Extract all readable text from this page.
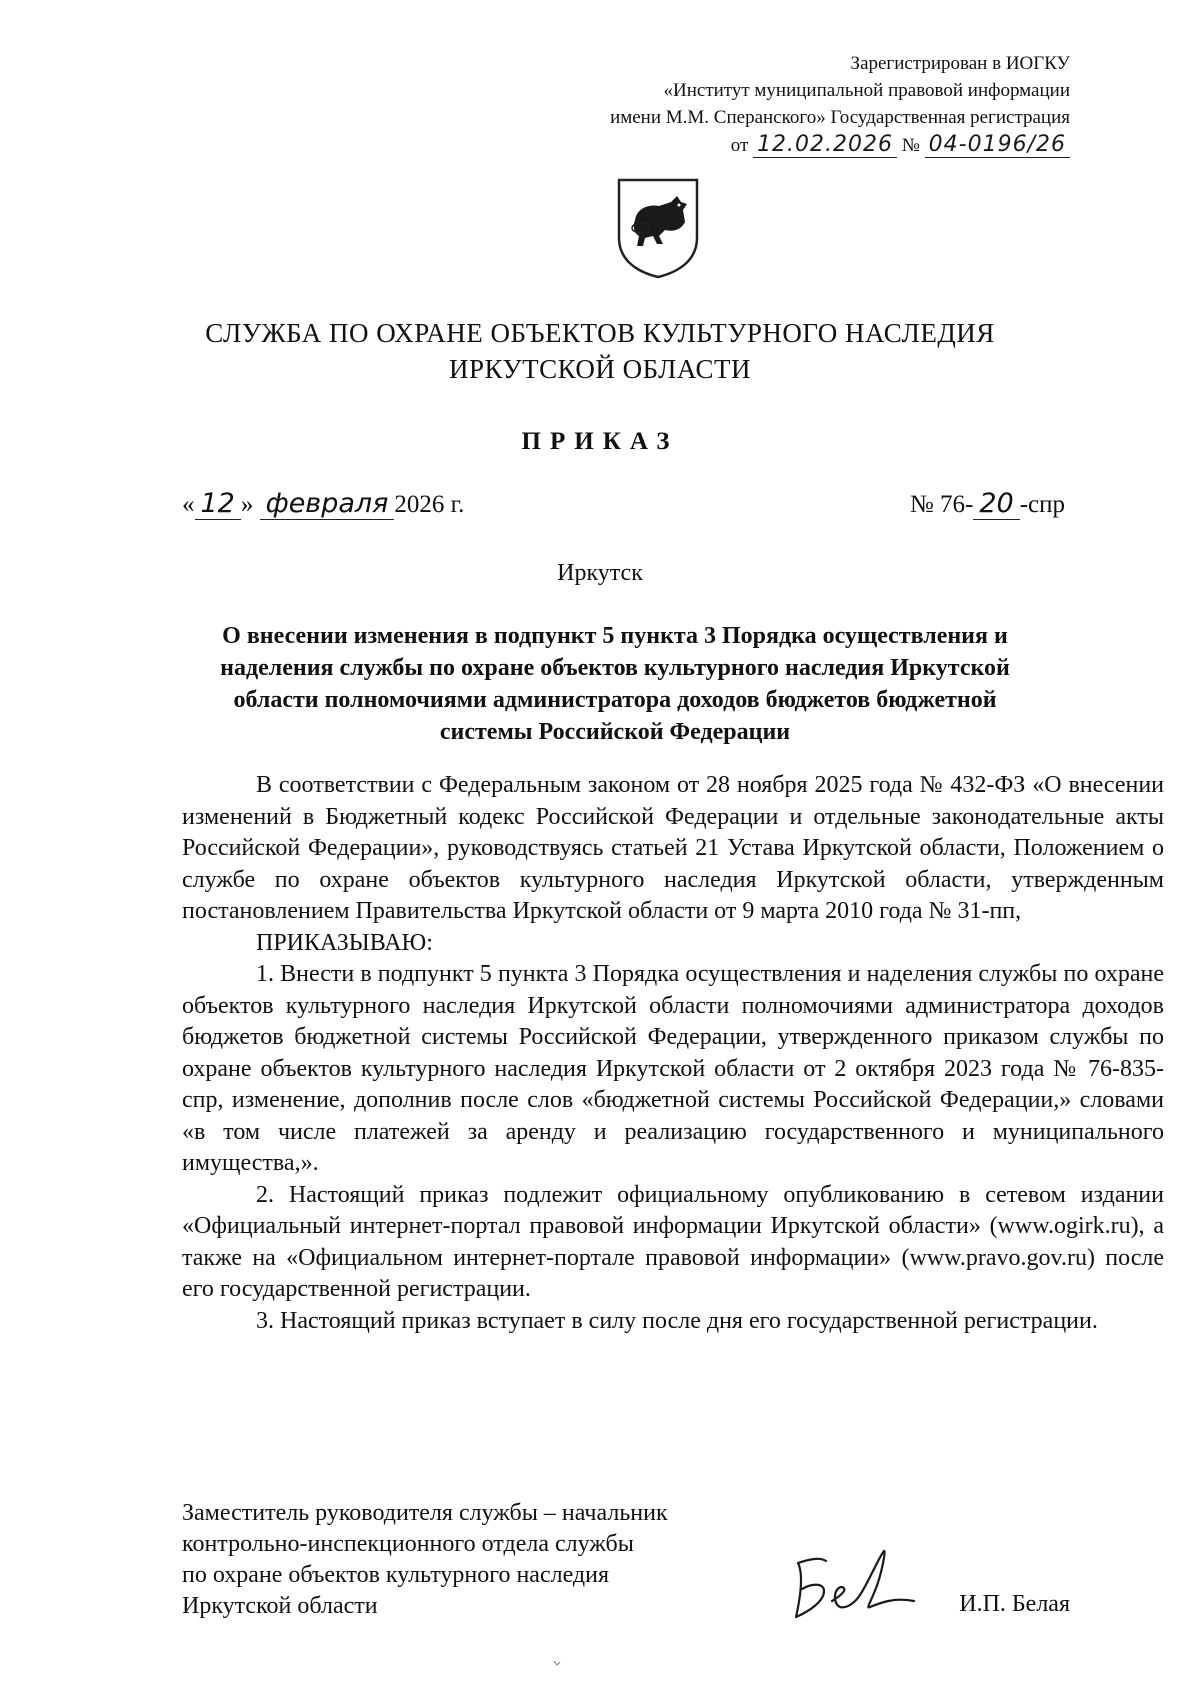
Зарегистрирован в ИОГКУ
«Институт муниципальной правовой информации
имени М.М. Сперанского» Государственная регистрация
от 12.02.2026 № 04-0196/26
СЛУЖБА ПО ОХРАНЕ ОБЪЕКТОВ КУЛЬТУРНОГО НАСЛЕДИЯ
ИРКУТСКОЙ ОБЛАСТИ
ПРИКАЗ
« 12 » февраля 2026 г.	№ 76- 20 -спр
Иркутск
О внесении изменения в подпункт 5 пункта 3 Порядка осуществления и наделения службы по охране объектов культурного наследия Иркутской области полномочиями администратора доходов бюджетов бюджетной системы Российской Федерации

В соответствии с Федеральным законом от 28 ноября 2025 года № 432-ФЗ «О внесении изменений в Бюджетный кодекс Российской Федерации и отдельные законодательные акты Российской Федерации», руководствуясь статьей 21 Устава Иркутской области, Положением о службе по охране объектов культурного наследия Иркутской области, утвержденным постановлением Правительства Иркутской области от 9 марта 2010 года № 31-пп,

ПРИКАЗЫВАЮ:

1. Внести в подпункт 5 пункта 3 Порядка осуществления и наделения службы по охране объектов культурного наследия Иркутской области полномочиями администратора доходов бюджетов бюджетной системы Российской Федерации, утвержденного приказом службы по охране объектов культурного наследия Иркутской области от 2 октября 2023 года № 76-835-спр, изменение, дополнив после слов «бюджетной системы Российской Федерации,» словами «в том числе платежей за аренду и реализацию государственного и муниципального имущества,».

2. Настоящий приказ подлежит официальному опубликованию в сетевом издании «Официальный интернет-портал правовой информации Иркутской области» (www.ogirk.ru), а также на «Официальном интернет-портале правовой информации» (www.pravo.gov.ru) после его государственной регистрации.

3. Настоящий приказ вступает в силу после дня его государственной регистрации.

Заместитель руководителя службы – начальник
контрольно-инспекционного отдела службы
по охране объектов культурного наследия
Иркутской области	И.П. Белая
